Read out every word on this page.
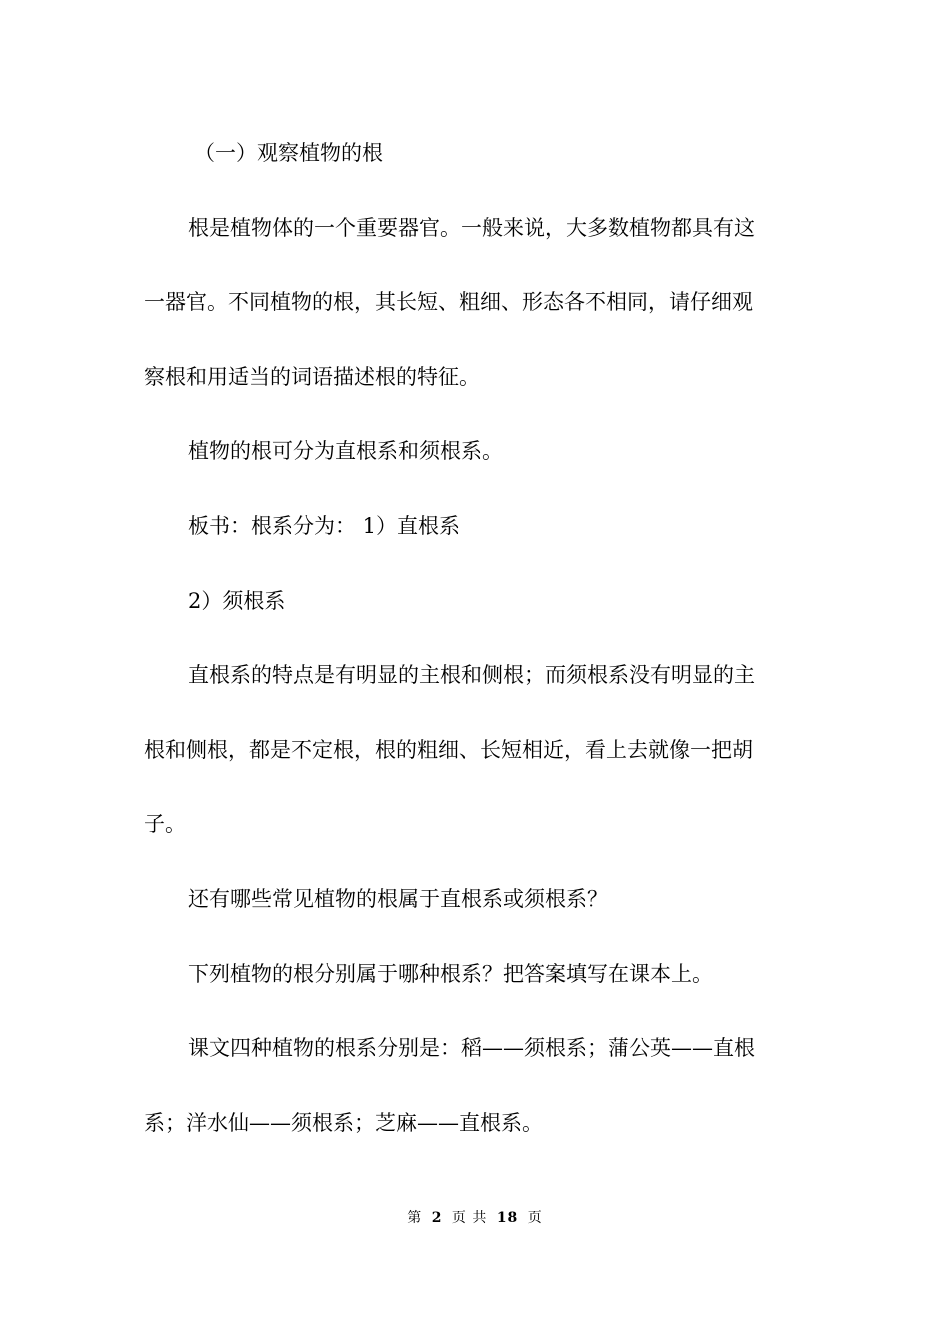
（一）观察植物的根
根是植物体的一个重要器官。一般来说，大多数植物都具有这
一器官。不同植物的根，其长短、粗细、形态各不相同，请仔细观
察根和用适当的词语描述根的特征。
植物的根可分为直根系和须根系。
板书：根系分为： 1）直根系
2）须根系
直根系的特点是有明显的主根和侧根；而须根系没有明显的主
根和侧根，都是不定根，根的粗细、长短相近，看上去就像一把胡
子。
还有哪些常见植物的根属于直根系或须根系？
下列植物的根分别属于哪种根系？把答案填写在课本上。
课文四种植物的根系分别是：稻——须根系；蒲公英——直根
系；洋水仙——须根系；芝麻——直根系。
第 2 页 共 18 页
